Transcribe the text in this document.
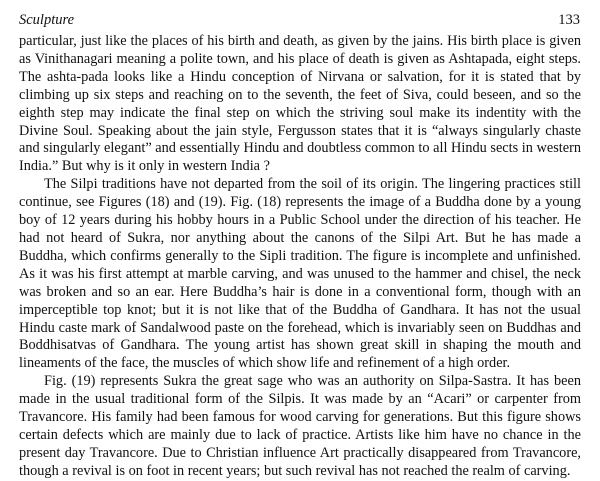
Sculpture	133

particular, just like the places of his birth and death, as given by the jains. His birth place is given as Vinithanagari meaning a polite town, and his place of death is given as Ashtapada, eight steps. The ashta-pada looks like a Hindu conception of Nirvana or salvation, for it is stated that by climbing up six steps and reaching on to the seventh, the feet of Siva, could beseen, and so the eighth step may indicate the final step on which the striving soul make its indentity with the Divine Soul. Speaking about the jain style, Fergusson states that it is “always singularly chaste and singularly elegant” and essentially Hindu and doubtless common to all Hindu sects in western India.” But why is it only in western India ?

The Silpi traditions have not departed from the soil of its origin. The lingering practices still continue, see Figures (18) and (19). Fig. (18) represents the image of a Buddha done by a young boy of 12 years during his hobby hours in a Public School under the direction of his teacher. He had not heard of Sukra, nor anything about the canons of the Silpi Art. But he has made a Buddha, which confirms generally to the Sipli tradition. The figure is incomplete and unfinished. As it was his first attempt at marble carving, and was unused to the hammer and chisel, the neck was broken and so an ear. Here Buddha’s hair is done in a conventional form, though with an imperceptible top knot; but it is not like that of the Buddha of Gandhara. It has not the usual Hindu caste mark of Sandalwood paste on the forehead, which is invariably seen on Buddhas and Boddhisatvas of Gandhara. The young artist has shown great skill in shaping the mouth and lineaments of the face, the muscles of which show life and refinement of a high order.

Fig. (19) represents Sukra the great sage who was an authority on Silpa-Sastra. It has been made in the usual traditional form of the Silpis. It was made by an “Acari” or carpenter from Travancore. His family had been famous for wood carving for generations. But this figure shows certain defects which are mainly due to lack of practice. Artists like him have no chance in the present day Travancore. Due to Christian influence Art practically disappeared from Travancore, though a revival is on foot in recent years; but such revival has not reached the realm of carving.
